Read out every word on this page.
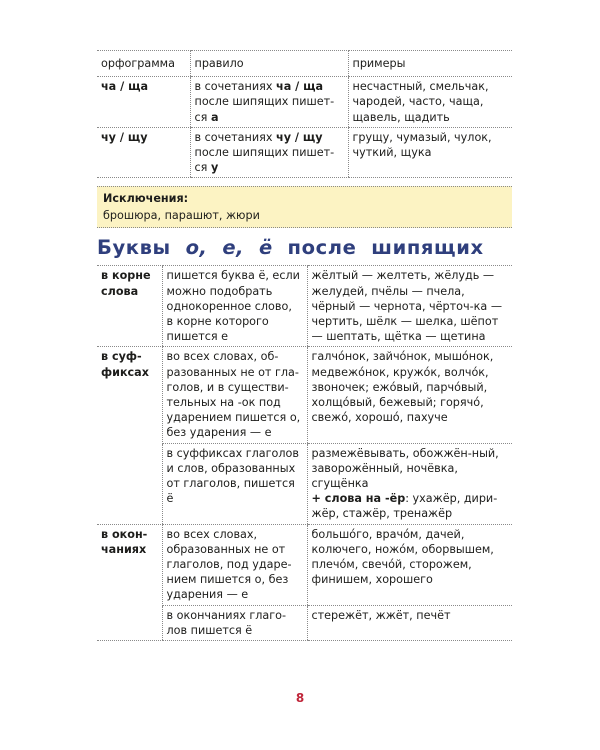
орфограмма	правило	примеры
ча / ща	в сочетаниях ча / ща после шипящих пишет-ся а	несчастный, смельчак, чародей, часто, чаща, щавель, щадить
чу / щу	в сочетаниях чу / щу после шипящих пишет-ся у	грущу, чумазый, чулок, чуткий, щука
Исключения:
брошюра, парашют, жюри
Буквы  о,  е,  ё  после  шипящих
в корне слова	пишется буква ё, если можно подобрать однокоренное слово, в корне которого пишется е	жёлтый — желтеть, жёлудь — желудей, пчёлы — пчела, чёрный — чернота, чёрточ-ка — чертить, шёлк — шелка, шёпот — шептать, щётка — щетина
в суф-фиксах	во всех словах, об-разованных не от гла-голов, и в существи-тельных на -ок под ударением пишется о, без ударения — е	галчóнок, зайчóнок, мышóнок, медвежóнок, кружóк, волчóк, звоночек; ежóвый, парчóвый, холщóвый, бежевый; горячó, свежó, хорошó, пахуче
	в суффиксах глаголов и слов, образованных от глаголов, пишется ё	размежёвывать, обожжён-ный, заворожённый, ночёвка, сгущёнка
+ слова на -ёр: ухажёр, дири-жёр, стажёр, тренажёр
в окон-чаниях	во всех словах, образованных не от глаголов, под ударе-нием пишется о, без ударения — е	большóго, врачóм, дачей, колючего, ножóм, оборвышем, плечóм, свечóй, сторожем, финишем, хорошего
	в окончаниях глаго-лов пишется ё	стережёт, жжёт, печёт
8
